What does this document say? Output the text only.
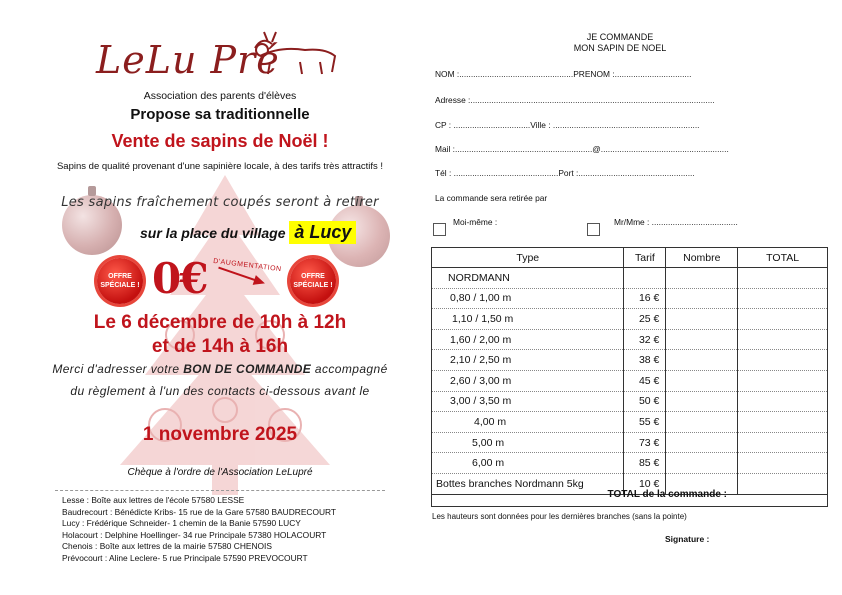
LeLu Pré
Association des parents d'élèves
Propose sa traditionnelle
Vente de sapins de Noël !
Sapins de qualité provenant d'une sapinière locale, à des tarifs très attractifs !
Les sapins fraîchement coupés seront à retirer
sur la place du village à Lucy
OFFRE SPÉCIALE ! 0€ D'AUGMENTATION
OFFRE SPÉCIALE !
Le 6 décembre de 10h à 12h
et de 14h à 16h
Merci d'adresser votre BON DE COMMANDE accompagné
du règlement à l'un des contacts ci-dessous avant le
1 novembre 2025
Chèque à l'ordre de l'Association LeLupré
Lesse : Boîte aux lettres de l'école 57580 LESSE
Baudrecourt : Bénédicte Kribs- 15 rue de la Gare 57580 BAUDRECOURT
Lucy : Frédérique Schneider- 1 chemin de la Banie 57590 LUCY
Holacourt : Delphine Hoellinger- 34 rue Principale 57380 HOLACOURT
Chenois : Boîte aux lettres de la mairie 57580 CHENOIS
Prévocourt : Aline Leclere- 5 rue Principale 57590 PREVOCOURT
JE COMMANDE
MON SAPIN DE NOEL
NOM :.................................................PRENOM :.................................
Adresse :.........................................................................................................
CP : .................................Ville : ...............................................................
Mail :...........................................................@.......................................................
Tél : .............................................Port :..................................................
La commande sera retirée par
Moi-même :	Mr/Mme : .....................................
Type	Tarif	Nombre	TOTAL
NORDMANN			
0,80 / 1,00 m	16 €		
1,10 / 1,50 m	25 €		
1,60 / 2,00 m	32 €		
2,10 / 2,50 m	38 €		
2,60 / 3,00 m	45 €		
3,00 / 3,50 m	50 €		
4,00 m	55 €		
5,00 m	73 €		
6,00 m	85 €		
Bottes branches Nordmann 5kg	10 €		
TOTAL de la commande :
Les hauteurs sont données pour les dernières branches (sans la pointe)
Signature :
